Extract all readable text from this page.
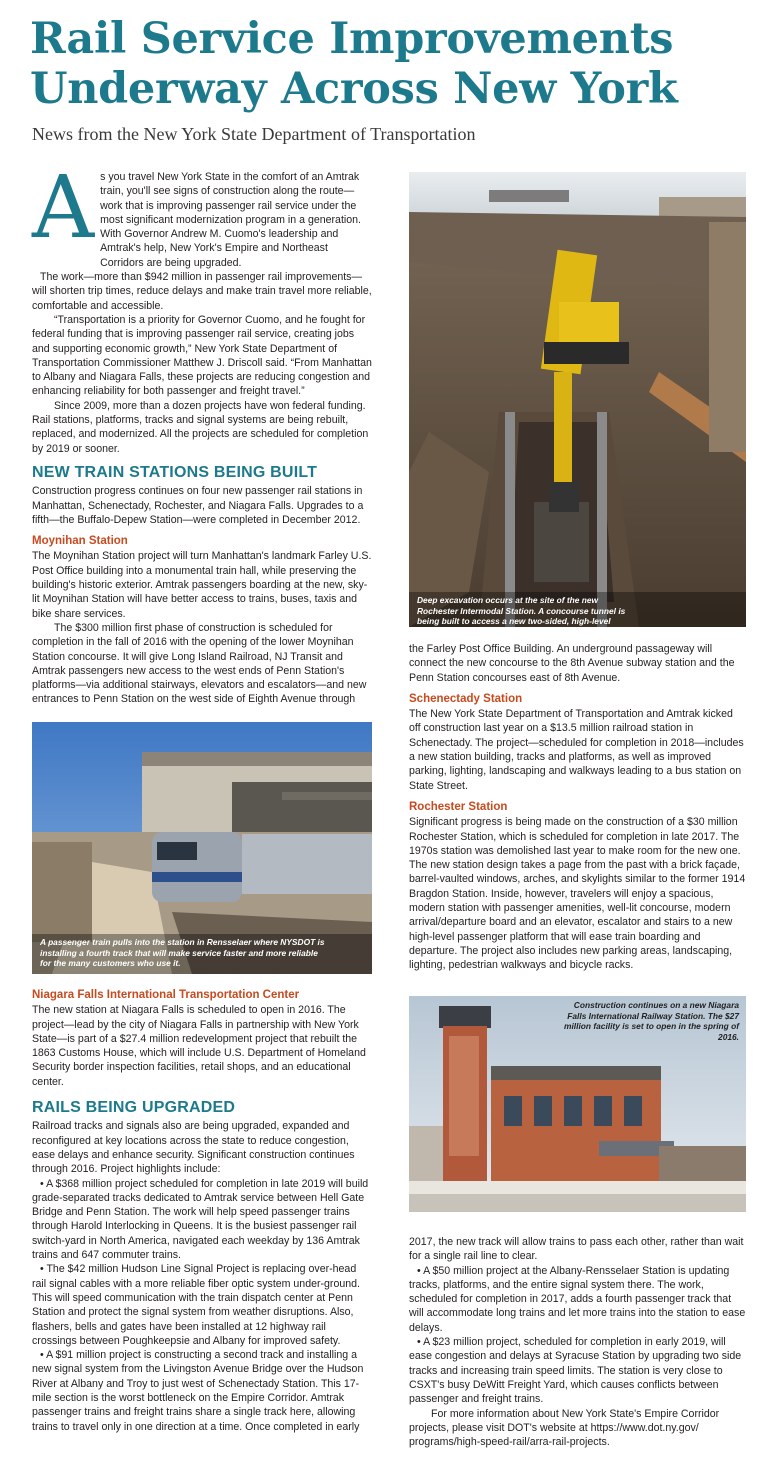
Rail Service Improvements
Underway Across New York

News from the New York State Department of Transportation

As you travel New York State in the comfort of an Amtrak train, you'll see signs of construction along the route—work that is improving passenger rail service under the most significant modernization program in a generation. With Governor Andrew M. Cuomo's leadership and Amtrak's help, New York's Empire and Northeast Corridors are being upgraded.

The work—more than $942 million in passenger rail improvements—will shorten trip times, reduce delays and make train travel more reliable, comfortable and accessible.

“Transportation is a priority for Governor Cuomo, and he fought for federal funding that is improving passenger rail service, creating jobs and supporting economic growth,” New York State Department of Transportation Commissioner Matthew J. Driscoll said. “From Manhattan to Albany and Niagara Falls, these projects are reducing congestion and enhancing reliability for both passenger and freight travel.”

Since 2009, more than a dozen projects have won federal funding. Rail stations, platforms, tracks and signal systems are being rebuilt, replaced, and modernized. All the projects are scheduled for completion by 2019 or sooner.

NEW TRAIN STATIONS BEING BUILT

Construction progress continues on four new passenger rail stations in Manhattan, Schenectady, Rochester, and Niagara Falls. Upgrades to a fifth—the Buffalo-Depew Station—were completed in December 2012.

Moynihan Station

The Moynihan Station project will turn Manhattan's landmark Farley U.S. Post Office building into a monumental train hall, while preserving the building's historic exterior. Amtrak passengers boarding at the new, sky-lit Moynihan Station will have better access to trains, buses, taxis and bike share services.

The $300 million first phase of construction is scheduled for completion in the fall of 2016 with the opening of the lower Moynihan Station concourse. It will give Long Island Railroad, NJ Transit and Amtrak passengers new access to the west ends of Penn Station's platforms—via additional stairways, elevators and escalators—and new entrances to Penn Station on the west side of Eighth Avenue through

Deep excavation occurs at the site of the new Rochester Intermodal Station. A concourse tunnel is being built to access a new two-sided, high-level passenger platform.

the Farley Post Office Building. An underground passageway will connect the new concourse to the 8th Avenue subway station and the Penn Station concourses east of 8th Avenue.

Schenectady Station

The New York State Department of Transportation and Amtrak kicked off construction last year on a $13.5 million railroad station in Schenectady. The project—scheduled for completion in 2018—includes a new station building, tracks and platforms, as well as improved parking, lighting, landscaping and walkways leading to a bus station on State Street.

Rochester Station

Significant progress is being made on the construction of a $30 million Rochester Station, which is scheduled for completion in late 2017. The 1970s station was demolished last year to make room for the new one. The new station design takes a page from the past with a brick façade, barrel-vaulted windows, arches, and skylights similar to the former 1914 Bragdon Station. Inside, however, travelers will enjoy a spacious, modern station with passenger amenities, well-lit concourse, modern arrival/departure board and an elevator, escalator and stairs to a new high-level passenger platform that will ease train boarding and departure. The project also includes new parking areas, landscaping, lighting, pedestrian walkways and bicycle racks.

A passenger train pulls into the station in Rensselaer where NYSDOT is installing a fourth track that will make service faster and more reliable for the many customers who use it.
Niagara Falls International Transportation Center

The new station at Niagara Falls is scheduled to open in 2016. The project—lead by the city of Niagara Falls in partnership with New York State—is part of a $27.4 million redevelopment project that rebuilt the 1863 Customs House, which will include U.S. Department of Homeland Security border inspection facilities, retail shops, and an educational center.

RAILS BEING UPGRADED

Railroad tracks and signals also are being upgraded, expanded and reconfigured at key locations across the state to reduce congestion, ease delays and enhance security. Significant construction continues through 2016. Project highlights include:

• A $368 million project scheduled for completion in late 2019 will build grade-separated tracks dedicated to Amtrak service between Hell Gate Bridge and Penn Station. The work will help speed passenger trains through Harold Interlocking in Queens. It is the busiest passenger rail switch-yard in North America, navigated each weekday by 136 Amtrak trains and 647 commuter trains.

• The $42 million Hudson Line Signal Project is replacing over-head rail signal cables with a more reliable fiber optic system under-ground. This will speed communication with the train dispatch center at Penn Station and protect the signal system from weather disruptions. Also, flashers, bells and gates have been installed at 12 highway rail crossings between Poughkeepsie and Albany for improved safety.

• A $91 million project is constructing a second track and installing a new signal system from the Livingston Avenue Bridge over the Hudson River at Albany and Troy to just west of Schenectady Station. This 17-mile section is the worst bottleneck on the Empire Corridor. Amtrak passenger trains and freight trains share a single track here, allowing trains to travel only in one direction at a time. Once completed in early

Construction continues on a new Niagara Falls International Railway Station. The $27 million facility is set to open in the spring of 2016.

2017, the new track will allow trains to pass each other, rather than wait for a single rail line to clear.

• A $50 million project at the Albany-Rensselaer Station is updating tracks, platforms, and the entire signal system there. The work, scheduled for completion in 2017, adds a fourth passenger track that will accommodate long trains and let more trains into the station to ease delays.

• A $23 million project, scheduled for completion in early 2019, will ease congestion and delays at Syracuse Station by upgrading two side tracks and increasing train speed limits. The station is very close to CSXT's busy DeWitt Freight Yard, which causes conflicts between passenger and freight trains.

For more information about New York State's Empire Corridor projects, please visit DOT's website at https://www.dot.ny.gov/ programs/high-speed-rail/arra-rail-projects.
